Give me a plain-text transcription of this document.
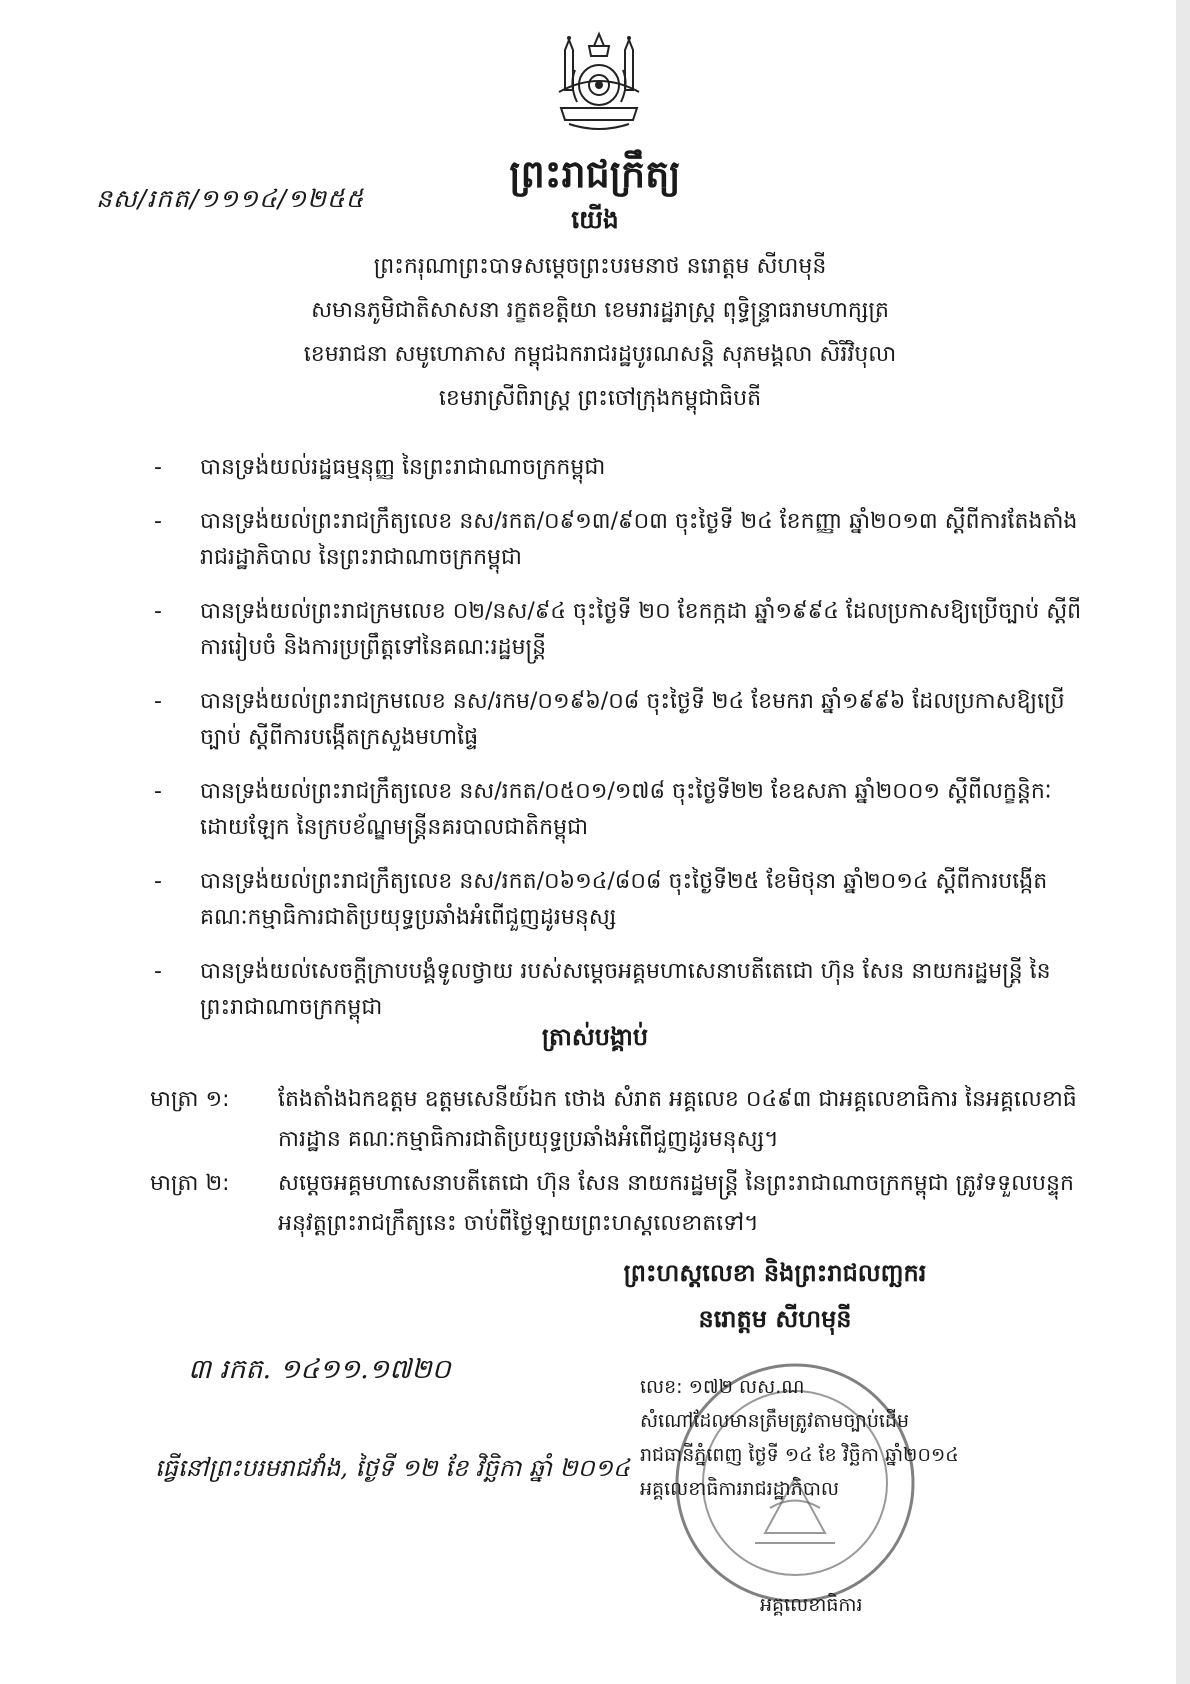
នស/រកត/១១១៤/១២៥៥
ព្រះរាជក្រឹត្យ
យើង
ព្រះករុណាព្រះបាទសម្តេចព្រះបរមនាថ នរោត្តម សីហមុនី
សមានភូមិជាតិសាសនា រក្ខតខត្តិយា ខេមរារដ្ឋរាស្ត្រ ពុទ្ធិន្ទ្រាធរាមហាក្សត្រ
ខេមរាជនា សមូហោភាស កម្ពុជឯករាជរដ្ឋបូរណសន្តិ សុភមង្គលា សិរីវិបុលា
ខេមរាស្រីពិរាស្ត្រ ព្រះចៅក្រុងកម្ពុជាធិបតី
- បានទ្រង់យល់រដ្ឋធម្មនុញ្ញ នៃព្រះរាជាណាចក្រកម្ពុជា
- បានទ្រង់យល់ព្រះរាជក្រឹត្យលេខ នស/រកត/០៩១៣/៩០៣ ចុះថ្ងៃទី ២៤ ខែកញ្ញា ឆ្នាំ២០១៣ ស្តីពីការតែងតាំងរាជរដ្ឋាភិបាល នៃព្រះរាជាណាចក្រកម្ពុជា
- បានទ្រង់យល់ព្រះរាជក្រមលេខ ០២/នស/៩៤ ចុះថ្ងៃទី ២០ ខែកក្កដា ឆ្នាំ១៩៩៤ ដែលប្រកាសឱ្យប្រើច្បាប់ ស្តីពីការរៀបចំ និងការប្រព្រឹត្តទៅនៃគណៈរដ្ឋមន្ត្រី
- បានទ្រង់យល់ព្រះរាជក្រមលេខ នស/រកម/០១៩៦/០៨ ចុះថ្ងៃទី ២៤ ខែមករា ឆ្នាំ១៩៩៦ ដែលប្រកាសឱ្យប្រើច្បាប់ ស្តីពីការបង្កើតក្រសួងមហាផ្ទៃ
- បានទ្រង់យល់ព្រះរាជក្រឹត្យលេខ នស/រកត/០៥០១/១៧៨ ចុះថ្ងៃទី២២ ខែឧសភា ឆ្នាំ២០០១ ស្តីពីលក្ខន្តិកៈដោយឡែក នៃក្របខ័ណ្ឌមន្ត្រីនគរបាលជាតិកម្ពុជា
- បានទ្រង់យល់ព្រះរាជក្រឹត្យលេខ នស/រកត/០៦១៤/៨០៨ ចុះថ្ងៃទី២៥ ខែមិថុនា ឆ្នាំ២០១៤ ស្តីពីការបង្កើតគណៈកម្មាធិការជាតិប្រយុទ្ធប្រឆាំងអំពើជួញដូរមនុស្ស
- បានទ្រង់យល់សេចក្តីក្រាបបង្គំទូលថ្វាយ របស់សម្តេចអគ្គមហាសេនាបតីតេជោ ហ៊ុន សែន នាយករដ្ឋមន្ត្រី នៃព្រះរាជាណាចក្រកម្ពុជា
ត្រាស់បង្គាប់
មាត្រា ១:	តែងតាំងឯកឧត្តម ឧត្តមសេនីយ៍ឯក ថោង សំរាត អគ្គលេខ ០៤៩៣ ជាអគ្គលេខាធិការ នៃអគ្គលេខាធិការដ្ឋាន គណៈកម្មាធិការជាតិប្រយុទ្ធប្រឆាំងអំពើជួញដូរមនុស្ស។
មាត្រា ២:	សម្តេចអគ្គមហាសេនាបតីតេជោ ហ៊ុន សែន នាយករដ្ឋមន្ត្រី នៃព្រះរាជាណាចក្រកម្ពុជា ត្រូវទទួលបន្ទុកអនុវត្តព្រះរាជក្រឹត្យនេះ ចាប់ពីថ្ងៃឡាយព្រះហស្តលេខាតទៅ។
ព្រះហស្តលេខា និងព្រះរាជលញ្ឆករ
នរោត្តម សីហមុនី
៣ រកត. ១៤១១.១៧២០
ធ្វើនៅព្រះបរមរាជវាំង, ថ្ងៃទី ១២ ខែ វិច្ឆិកា ឆ្នាំ ២០១៤
លេខ: ១៧២ លស.ណ
សំណៅដែលមានត្រឹមត្រូវតាមច្បាប់ដើម
រាជធានីភ្នំពេញ ថ្ងៃទី ១៤ ខែ វិច្ឆិកា ឆ្នាំ២០១៤
អគ្គលេខាធិការរាជរដ្ឋាភិបាល
អគ្គលេខាធិការ
